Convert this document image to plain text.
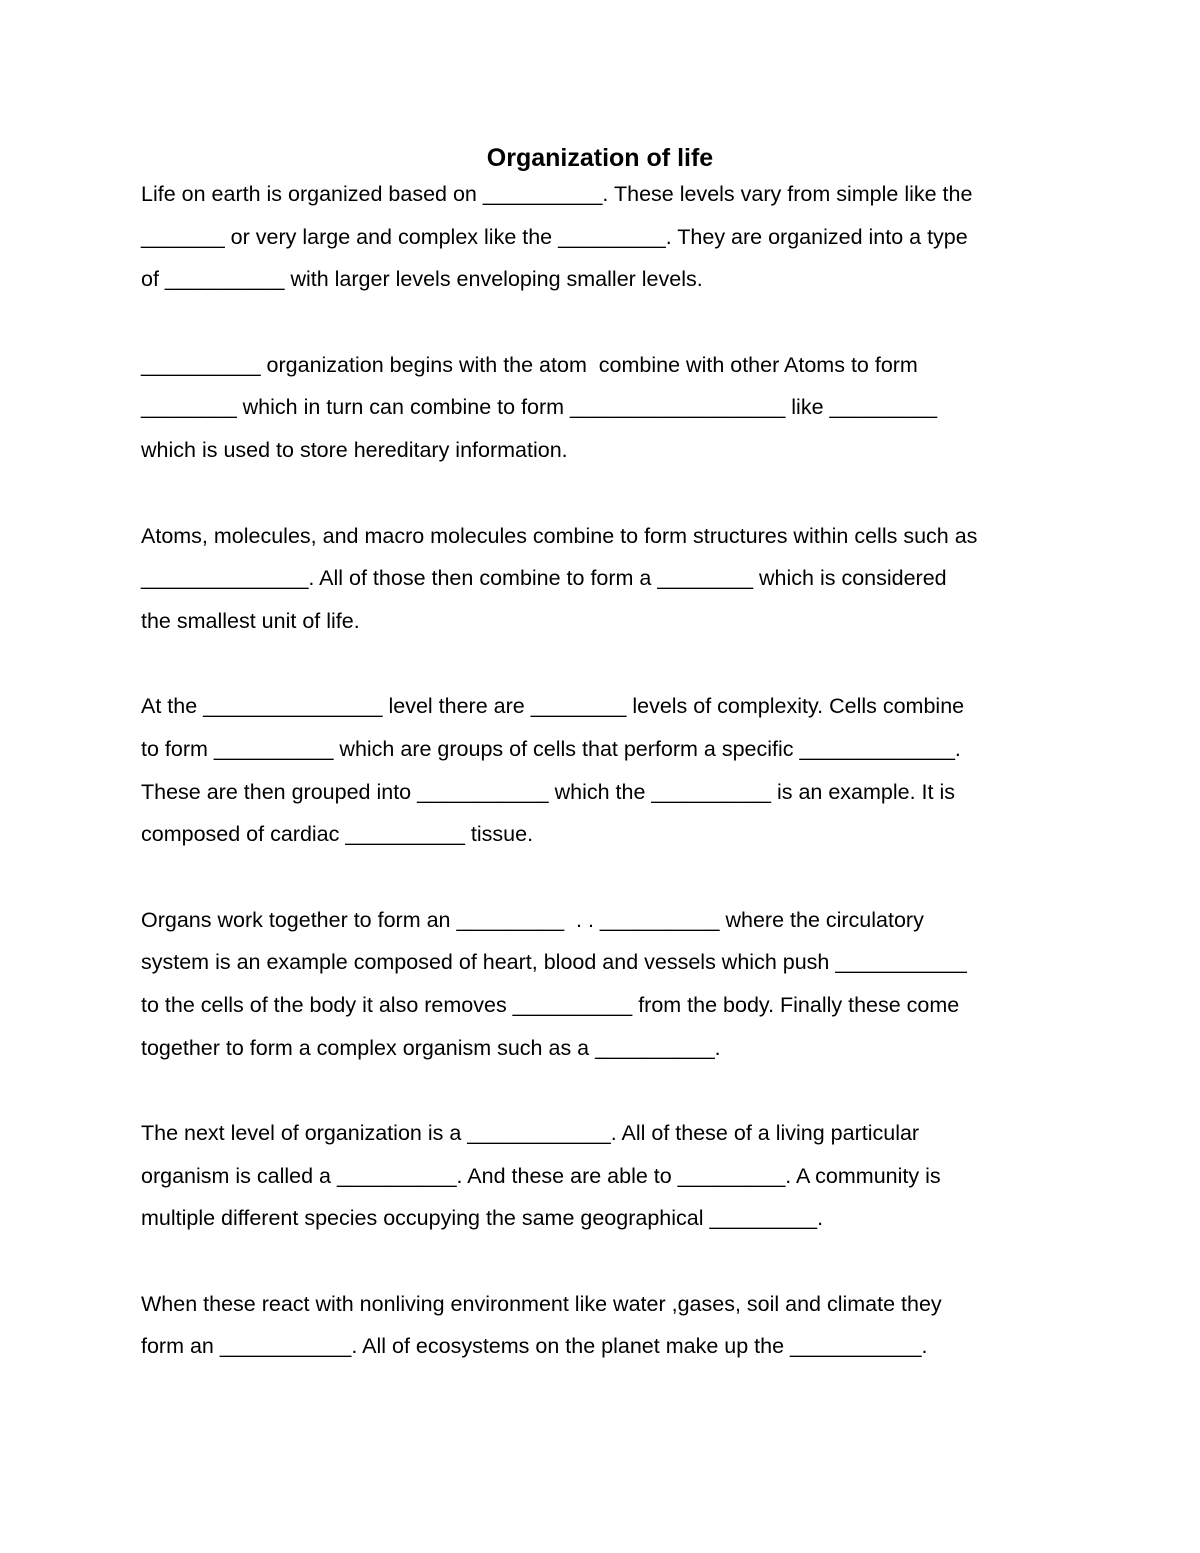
Organization of life

Life on earth is organized based on __________. These levels vary from simple like the

_______ or very large and complex like the _________. They are organized into a type

of __________ with larger levels enveloping smaller levels.

__________ organization begins with the atom  combine with other Atoms to form

________ which in turn can combine to form __________________ like _________

which is used to store hereditary information.

Atoms, molecules, and macro molecules combine to form structures within cells such as

______________. All of those then combine to form a ________ which is considered

the smallest unit of life.

At the _______________ level there are ________ levels of complexity. Cells combine

to form __________ which are groups of cells that perform a specific _____________.

These are then grouped into ___________ which the __________ is an example. It is

composed of cardiac __________ tissue.

Organs work together to form an _________  . . __________ where the circulatory

system is an example composed of heart, blood and vessels which push ___________

to the cells of the body it also removes __________ from the body. Finally these come

together to form a complex organism such as a __________.

The next level of organization is a ____________. All of these of a living particular

organism is called a __________. And these are able to _________. A community is

multiple different species occupying the same geographical _________.

When these react with nonliving environment like water ,gases, soil and climate they

form an ___________. All of ecosystems on the planet make up the ___________.
